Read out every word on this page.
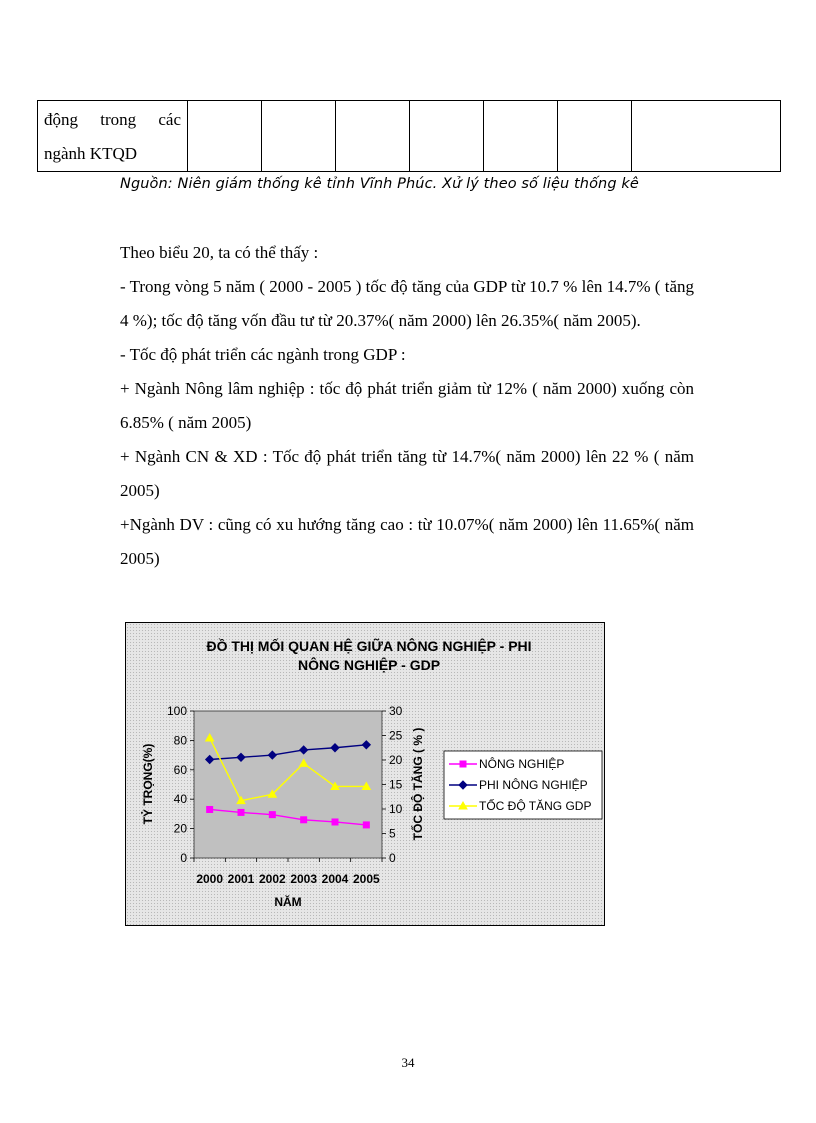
động trong các
ngành KTQD
Nguồn: Niên giám thống kê tỉnh Vĩnh Phúc. Xử lý theo số liệu thống kê

Theo biểu 20, ta có thể thấy :

- Trong vòng 5 năm ( 2000 - 2005 ) tốc độ tăng của GDP từ 10.7 % lên 14.7% ( tăng 4 %); tốc độ tăng vốn đầu tư từ 20.37%( năm 2000) lên 26.35%( năm 2005).

- Tốc độ phát triển các ngành trong GDP :

+ Ngành Nông lâm nghiệp : tốc độ phát triển giảm từ 12% ( năm 2000) xuống còn 6.85% ( năm 2005)

+ Ngành CN & XD : Tốc độ phát triển tăng từ 14.7%( năm 2000) lên 22 % ( năm 2005)

+Ngành DV : cũng có xu hướng tăng cao : từ 10.07%( năm 2000) lên 11.65%( năm 2005)

ĐỒ THỊ MỐI QUAN HỆ GIỮA NÔNG NGHIỆP - PHI
NÔNG NGHIỆP - GDP
0
20
40
60
80
100
0
5
10
15
20
25
30
2000 2001 2002 2003 2004 2005
TỶ TRỌNG(%)	TỐC ĐỘ TĂNG ( % )
NĂM
NÔNG NGHIỆP
PHI NÔNG NGHIỆP
TỐC ĐỘ TĂNG GDP
34
